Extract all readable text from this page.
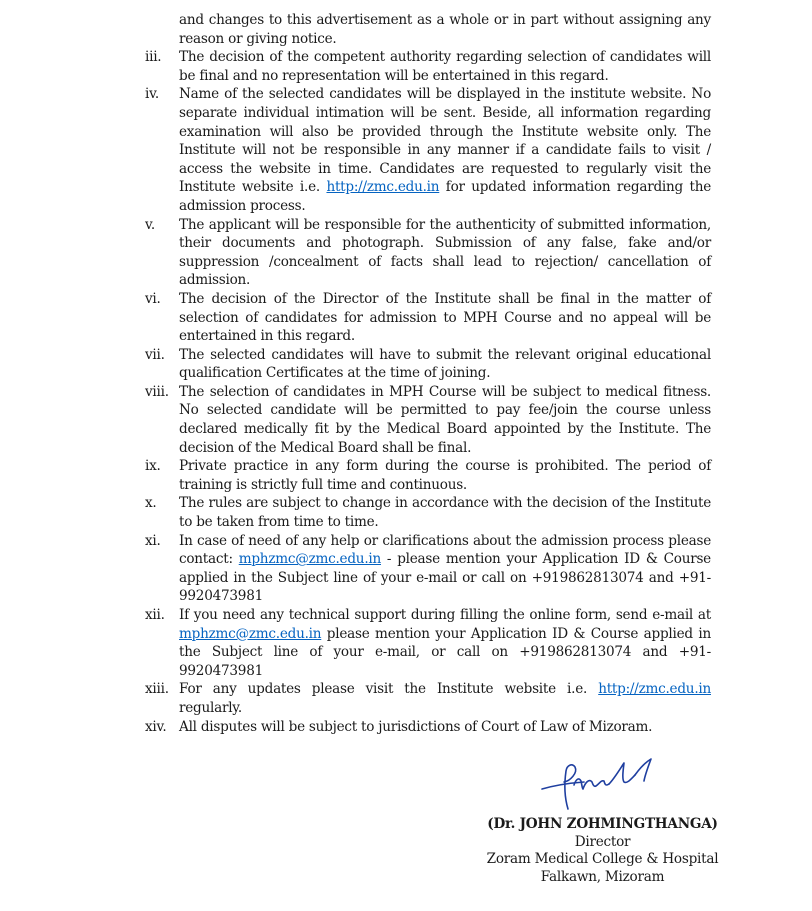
and changes to this advertisement as a whole or in part without assigning any reason or giving notice.
iii.	The decision of the competent authority regarding selection of candidates will be final and no representation will be entertained in this regard.
iv.	Name of the selected candidates will be displayed in the institute website. No separate individual intimation will be sent. Beside, all information regarding examination will also be provided through the Institute website only. The Institute will not be responsible in any manner if a candidate fails to visit / access the website in time. Candidates are requested to regularly visit the Institute website i.e. http://zmc.edu.in for updated information regarding the admission process.
v.	The applicant will be responsible for the authenticity of submitted information, their documents and photograph. Submission of any false, fake and/or suppression /concealment of facts shall lead to rejection/ cancellation of admission.
vi.	The decision of the Director of the Institute shall be final in the matter of selection of candidates for admission to MPH Course and no appeal will be entertained in this regard.
vii.	The selected candidates will have to submit the relevant original educational qualification Certificates at the time of joining.
viii. The selection of candidates in MPH Course will be subject to medical fitness. No selected candidate will be permitted to pay fee/join the course unless declared medically fit by the Medical Board appointed by the Institute. The decision of the Medical Board shall be final.
ix.	Private practice in any form during the course is prohibited. The period of training is strictly full time and continuous.
x.	The rules are subject to change in accordance with the decision of the Institute to be taken from time to time.
xi.	In case of need of any help or clarifications about the admission process please contact: mphzmc@zmc.edu.in - please mention your Application ID & Course applied in the Subject line of your e-mail or call on +919862813074 and +91-9920473981
xii.	If you need any technical support during filling the online form, send e-mail at mphzmc@zmc.edu.in please mention your Application ID & Course applied in the Subject line of your e-mail, or call on +919862813074 and +91-9920473981
xiii. For any updates please visit the Institute website i.e. http://zmc.edu.in regularly.
xiv. All disputes will be subject to jurisdictions of Court of Law of Mizoram.
(Dr. JOHN ZOHMINGTHANGA)
Director
Zoram Medical College & Hospital
Falkawn, Mizoram
